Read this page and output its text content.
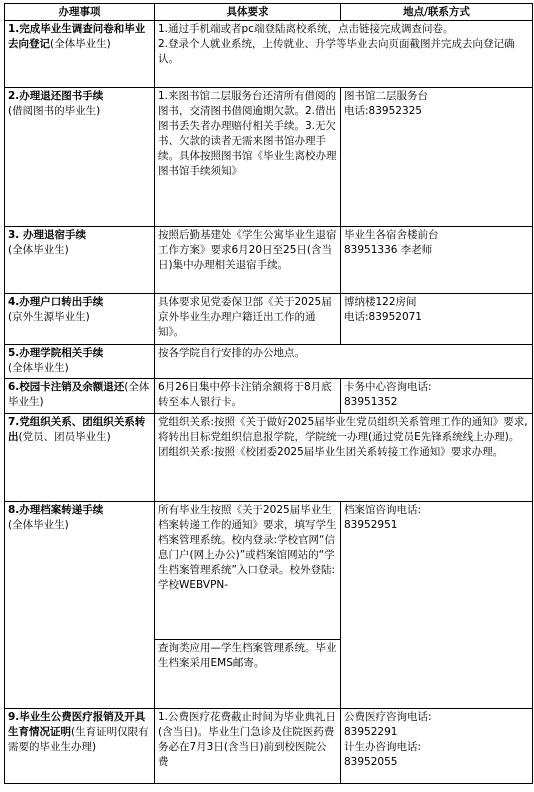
办理事项	具体要求	地点/联系方式
1.完成毕业生调查问卷和毕业去向登记(全体毕业生)	1.通过手机端或者pc端登陆离校系统，点击链接完成调查问卷。
2.登录个人就业系统，上传就业、升学等毕业去向页面截图并完成去向登记确认。	

2.办理退还图书手续
(借阅图书的毕业生)	1.来图书馆二层服务台还清所有借阅的图书，交清图书借阅逾期欠款。2.借出图书丢失者办理赔付相关手续。3.无欠书、欠款的读者无需来图书馆办理手续。具体按照图书馆《毕业生离校办理图书馆手续须知》	图书馆二层服务台
电话:83952325

3. 办理退宿手续
(全体毕业生)	按照后勤基建处《学生公寓毕业生退宿工作方案》要求6月20日至25日(含当日)集中办理相关退宿手续。	毕业生各宿舍楼前台
83951336 李老师

4.办理户口转出手续
(京外生源毕业生)	具体要求见党委保卫部《关于2025届京外毕业生办理户籍迁出工作的通知》。	博纳楼122房间
电话:83952071

5.办理学院相关手续
(全体毕业生)	按各学院自行安排的办公地点。	
6.校园卡注销及余额退还(全体毕业生)	6月26日集中停卡注销余额将于8月底转至本人银行卡。	卡务中心咨询电话:
83951352

7.党组织关系、团组织关系转出(党员、团员毕业生)	党组织关系:按照《关于做好2025届毕业生党员组织关系管理工作的通知》要求,将转出目标党组织信息报学院，学院统一办理(通过党员E先锋系统线上办理)。
团组织关系:按照《校团委2025届毕业生团关系转接工作通知》要求办理。	

8.办理档案转递手续
(全体毕业生)	所有毕业生按照《关于2025届毕业生档案转递工作的通知》要求，填写学生档案管理系统。校内登录:学校官网“信息门户(网上办公)”或档案馆网站的“学生档案管理系统”入口登录。校外登陆:学校WEBVPN-	档案馆咨询电话:
83952951

	查询类应用—学生档案管理系统。毕业生档案采用EMS邮寄。	
9.毕业生公费医疗报销及开具生育情况证明(生育证明仅限有需要的毕业生办理)	1.公费医疗花费截止时间为毕业典礼日(含当日)。毕业生门急诊及住院医药费务必在7月3日(含当日)前到校医院公费	公费医疗咨询电话:
83952291
计生办咨询电话:
83952055
